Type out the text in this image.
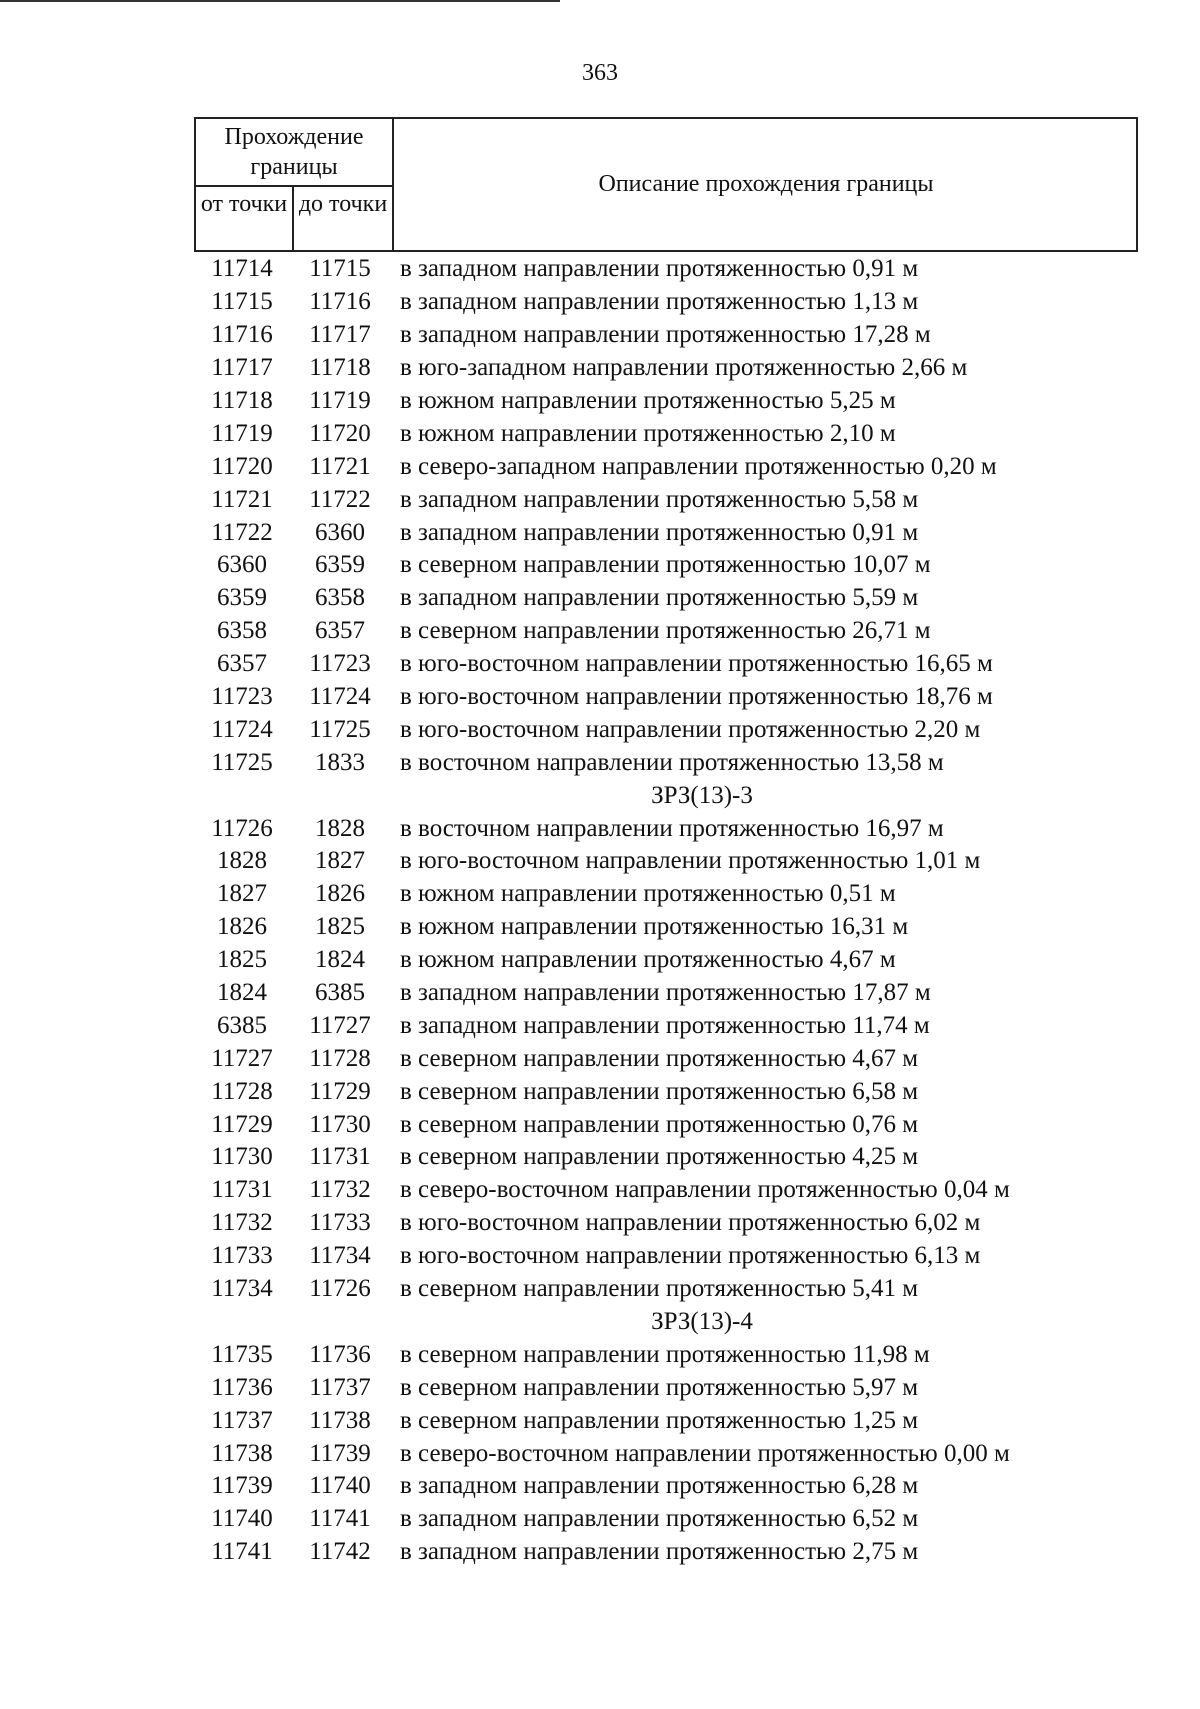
363
Прохождение границы
от точки до точки
Описание прохождения границы
11714	11715	в западном направлении протяженностью 0,91 м
11715	11716	в западном направлении протяженностью 1,13 м
11716	11717	в западном направлении протяженностью 17,28 м
11717	11718	в юго-западном направлении протяженностью 2,66 м
11718	11719	в южном направлении протяженностью 5,25 м
11719	11720	в южном направлении протяженностью 2,10 м
11720	11721	в северо-западном направлении протяженностью 0,20 м
11721	11722	в западном направлении протяженностью 5,58 м
11722	6360	в западном направлении протяженностью 0,91 м
6360	6359	в северном направлении протяженностью 10,07 м
6359	6358	в западном направлении протяженностью 5,59 м
6358	6357	в северном направлении протяженностью 26,71 м
6357	11723	в юго-восточном направлении протяженностью 16,65 м
11723	11724	в юго-восточном направлении протяженностью 18,76 м
11724	11725	в юго-восточном направлении протяженностью 2,20 м
11725	1833	в восточном направлении протяженностью 13,58 м
ЗРЗ(13)-3
11726	1828	в восточном направлении протяженностью 16,97 м
1828	1827	в юго-восточном направлении протяженностью 1,01 м
1827	1826	в южном направлении протяженностью 0,51 м
1826	1825	в южном направлении протяженностью 16,31 м
1825	1824	в южном направлении протяженностью 4,67 м
1824	6385	в западном направлении протяженностью 17,87 м
6385	11727	в западном направлении протяженностью 11,74 м
11727	11728	в северном направлении протяженностью 4,67 м
11728	11729	в северном направлении протяженностью 6,58 м
11729	11730	в северном направлении протяженностью 0,76 м
11730	11731	в северном направлении протяженностью 4,25 м
11731	11732	в северо-восточном направлении протяженностью 0,04 м
11732	11733	в юго-восточном направлении протяженностью 6,02 м
11733	11734	в юго-восточном направлении протяженностью 6,13 м
11734	11726	в северном направлении протяженностью 5,41 м
ЗРЗ(13)-4
11735	11736	в северном направлении протяженностью 11,98 м
11736	11737	в северном направлении протяженностью 5,97 м
11737	11738	в северном направлении протяженностью 1,25 м
11738	11739	в северо-восточном направлении протяженностью 0,00 м
11739	11740	в западном направлении протяженностью 6,28 м
11740	11741	в западном направлении протяженностью 6,52 м
11741	11742	в западном направлении протяженностью 2,75 м
